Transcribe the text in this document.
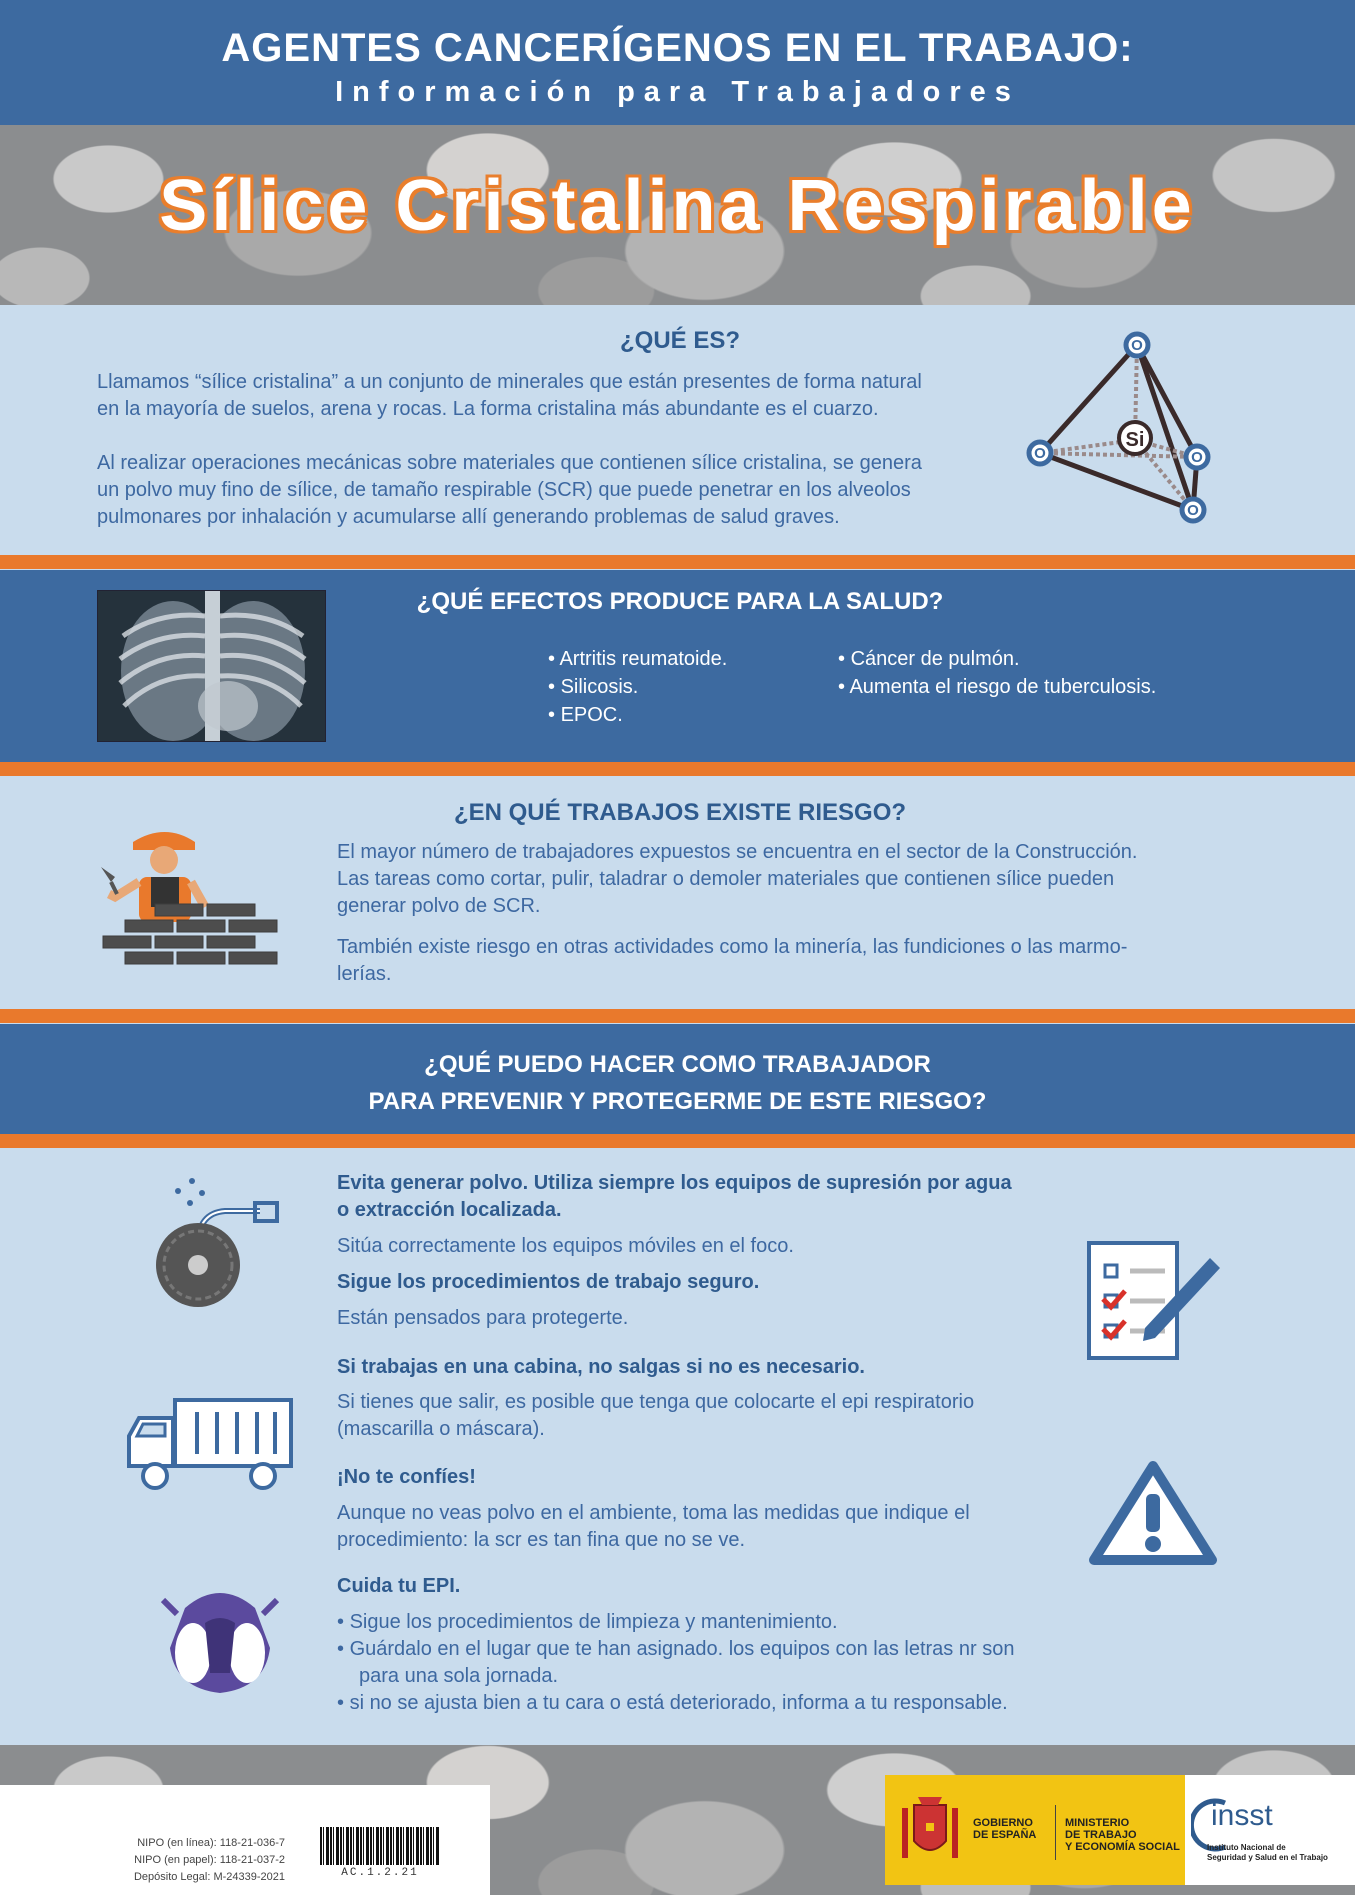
AGENTES CANCERÍGENOS EN EL TRABAJO:
Información para Trabajadores
Sílice Cristalina Respirable
¿QUÉ ES?
Llamamos “sílice cristalina” a un conjunto de minerales que están presentes de forma natural
en la mayoría de suelos, arena y rocas. La forma cristalina más abundante es el cuarzo.
Al realizar operaciones mecánicas sobre materiales que contienen sílice cristalina, se genera
un polvo muy fino de sílice, de tamaño respirable (SCR) que puede penetrar en los alveolos
pulmonares por inhalación y acumularse allí generando problemas de salud graves.
Si
O
O	O
O
¿QUÉ EFECTOS PRODUCE PARA LA SALUD?
• Artritis reumatoide.
• Silicosis.
• EPOC.
• Cáncer de pulmón.
• Aumenta el riesgo de tuberculosis.
¿EN QUÉ TRABAJOS EXISTE RIESGO?
El mayor número de trabajadores expuestos se encuentra en el sector de la Construcción.
Las tareas como cortar, pulir, taladrar o demoler materiales que contienen sílice pueden
generar polvo de SCR.
También existe riesgo en otras actividades como la minería, las fundiciones o las marmo-
lerías.
¿QUÉ PUEDO HACER COMO TRABAJADOR
PARA PREVENIR Y PROTEGERME DE ESTE RIESGO?
Evita generar polvo. Utiliza siempre los equipos de supresión por agua
o extracción localizada.
Sitúa correctamente los equipos móviles en el foco.
Sigue los procedimientos de trabajo seguro.
Están pensados para protegerte.
Si trabajas en una cabina, no salgas si no es necesario.
Si tienes que salir, es posible que tenga que colocarte el epi respiratorio
(mascarilla o máscara).
¡No te confíes!
Aunque no veas polvo en el ambiente, toma las medidas que indique el
procedimiento: la scr es tan fina que no se ve.
Cuida tu EPI.
• Sigue los procedimientos de limpieza y mantenimiento.
• Guárdalo en el lugar que te han asignado. los equipos con las letras nr son para una sola jornada.
• si no se ajusta bien a tu cara o está deteriorado, informa a tu responsable.
NIPO (en línea): 118-21-036-7
NIPO (en papel): 118-21-037-2
Depósito Legal: M-24339-2021	AC.1.2.21
GOBIERNO
DE ESPAÑA
MINISTERIO
DE TRABAJO
Y ECONOMÍA SOCIAL
insst
Instituto Nacional de
Seguridad y Salud en el Trabajo
